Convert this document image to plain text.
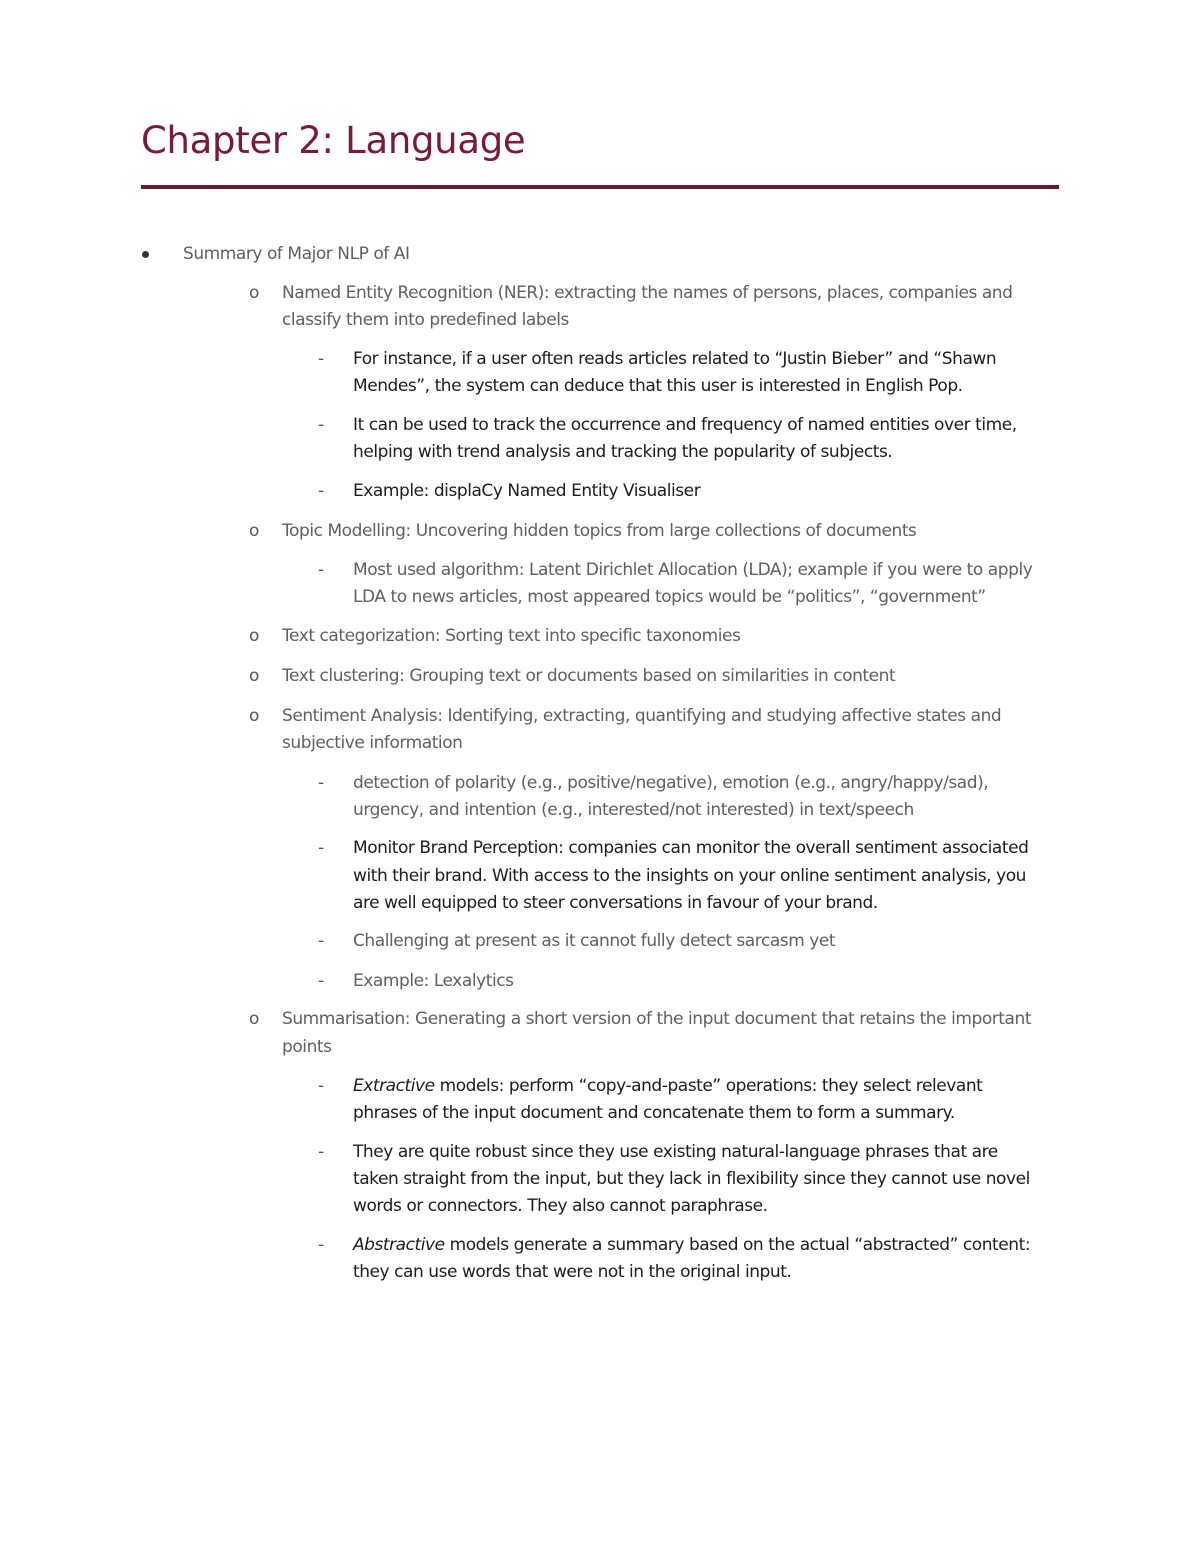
Chapter 2: Language

Summary of Major NLP of AI

o Named Entity Recognition (NER): extracting the names of persons, places, companies and

classify them into predefined labels

- For instance, if a user often reads articles related to “Justin Bieber” and “Shawn

Mendes”, the system can deduce that this user is interested in English Pop.

- It can be used to track the occurrence and frequency of named entities over time,

helping with trend analysis and tracking the popularity of subjects.

- Example: displaCy Named Entity Visualiser

o Topic Modelling: Uncovering hidden topics from large collections of documents

- Most used algorithm: Latent Dirichlet Allocation (LDA); example if you were to apply

LDA to news articles, most appeared topics would be “politics”, “government”

o Text categorization: Sorting text into specific taxonomies

o Text clustering: Grouping text or documents based on similarities in content

o Sentiment Analysis: Identifying, extracting, quantifying and studying affective states and

subjective information

- detection of polarity (e.g., positive/negative), emotion (e.g., angry/happy/sad),

urgency, and intention (e.g., interested/not interested) in text/speech

- Monitor Brand Perception: companies can monitor the overall sentiment associated

with their brand. With access to the insights on your online sentiment analysis, you

are well equipped to steer conversations in favour of your brand.

- Challenging at present as it cannot fully detect sarcasm yet

- Example: Lexalytics

o Summarisation: Generating a short version of the input document that retains the important

points

- Extractive models: perform “copy-and-paste” operations: they select relevant

phrases of the input document and concatenate them to form a summary.

- They are quite robust since they use existing natural-language phrases that are

taken straight from the input, but they lack in flexibility since they cannot use novel

words or connectors. They also cannot paraphrase.

- Abstractive models generate a summary based on the actual “abstracted” content:

they can use words that were not in the original input.
